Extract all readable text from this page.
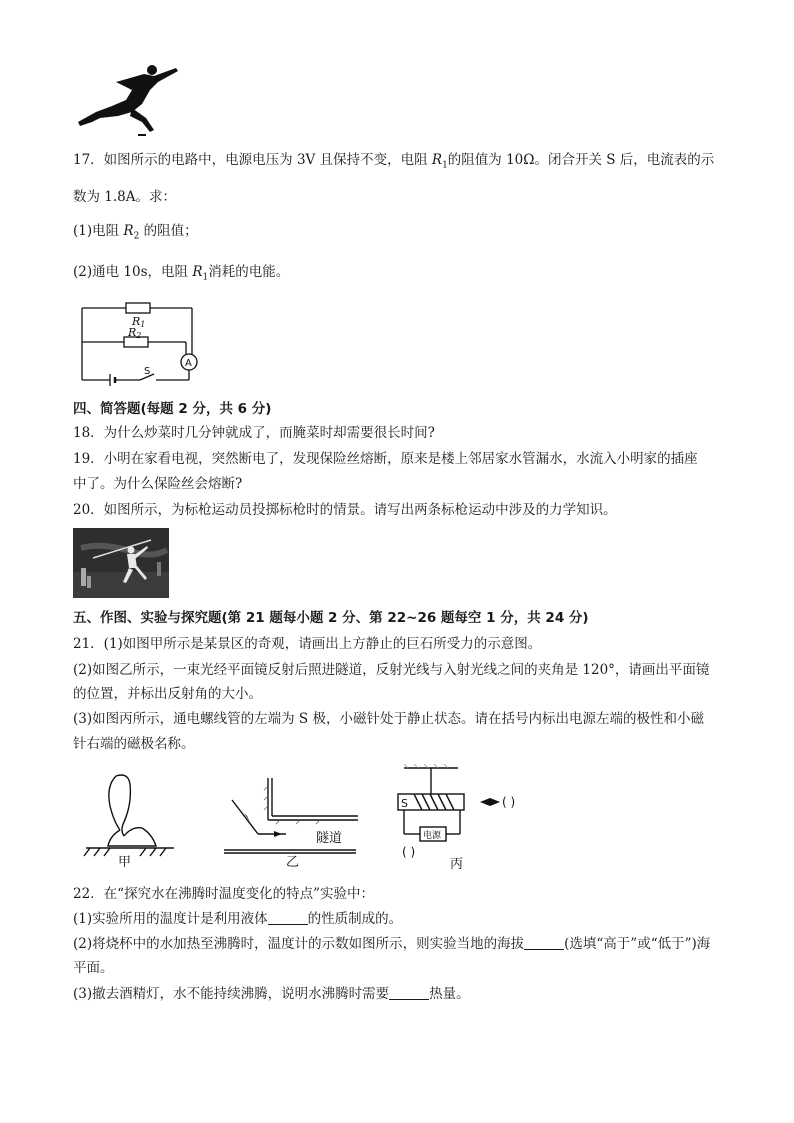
17．如图所示的电路中，电源电压为 3V 且保持不变，电阻 $R_1$的阻值为 10Ω。闭合开关 S 后，电流表的示
数为 1.8A。求：
(1)电阻 $R_2$ 的阻值；
(2)通电 10s，电阻 $R_1$消耗的电能。
R1
R2
A
S
四、简答题(每题 2 分，共 6 分)
18．为什么炒菜时几分钟就成了，而腌菜时却需要很长时间?
19．小明在家看电视，突然断电了，发现保险丝熔断，原来是楼上邻居家水管漏水，水流入小明家的插座
中了。为什么保险丝会熔断?
20．如图所示，为标枪运动员投掷标枪时的情景。请写出两条标枪运动中涉及的力学知识。
五、作图、实验与探究题(第 21 题每小题 2 分、第 22~26 题每空 1 分，共 24 分)
21．(1)如图甲所示是某景区的奇观，请画出上方静止的巨石所受力的示意图。
(2)如图乙所示，一束光经平面镜反射后照进隧道，反射光线与入射光线之间的夹角是 120°，请画出平面镜
的位置，并标出反射角的大小。
(3)如图丙所示，通电螺线管的左端为 S 极，小磁针处于静止状态。请在括号内标出电源左端的极性和小磁
针右端的磁极名称。
甲
隧道
乙
S
电源
( )
( )
丙
22．在“探究水在沸腾时温度变化的特点”实验中：
(1)实验所用的温度计是利用液体	的性质制成的。
(2)将烧杯中的水加热至沸腾时，温度计的示数如图所示，则实验当地的海拔	(选填“高于”或“低于”)海
平面。
(3)撤去酒精灯，水不能持续沸腾，说明水沸腾时需要	热量。
